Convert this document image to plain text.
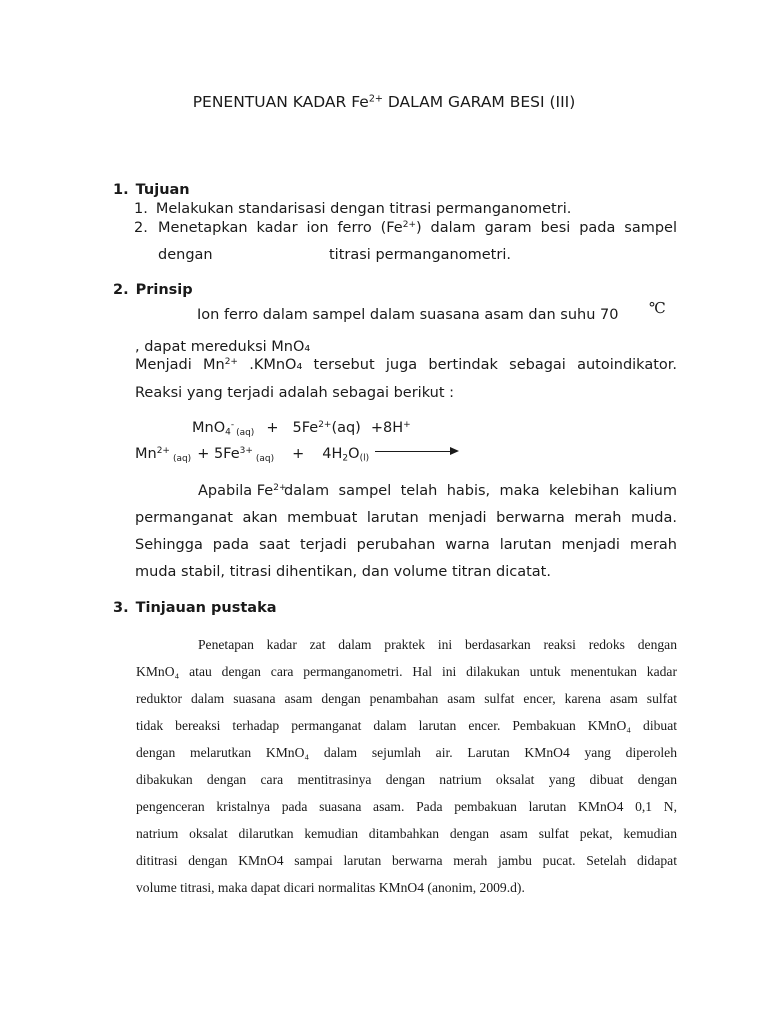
PENENTUAN KADAR $Fe^{2+}$ DALAM GARAM BESI (III)
1. Tujuan
1. Melakukan standarisasi dengan titrasi permanganometri.
2. Menetapkan kadar ion ferro $(Fe^{2+})$ dalam garam besi pada sampel
dengan	titrasi permanganometri.
2. Prinsip
Ion ferro dalam sampel dalam suasana asam dan suhu 70 ℃
, dapat mereduksi MnO₄
Menjadi $Mn^{2+}$ .KMnO₄ tersebut juga bertindak sebagai autoindikator.
Reaksi yang terjadi adalah sebagai berikut :
$MnO_4^-_{(aq)} + 5Fe^{2+}(aq) +8H^+$
$Mn^{2+}_{(aq)} + 5Fe^{3+}_{(aq)} + 4H_2O_{(l)}$
Apabila $Fe^{2+}$
dalam sampel telah habis, maka kelebihan kalium
permanganat akan membuat larutan menjadi berwarna merah muda.
Sehingga pada saat terjadi perubahan warna larutan menjadi merah
muda stabil, titrasi dihentikan, dan volume titran dicatat.
3. Tinjauan pustaka
Penetapan kadar zat dalam praktek ini berdasarkan reaksi redoks dengan
KMnO₄ atau dengan cara permanganometri. Hal ini dilakukan untuk menentukan kadar
reduktor dalam suasana asam dengan penambahan asam sulfat encer, karena asam sulfat
tidak bereaksi terhadap permanganat dalam larutan encer. Pembakuan KMnO₄ dibuat
dengan melarutkan KMnO₄ dalam sejumlah air. Larutan KMnO4 yang diperoleh
dibakukan dengan cara mentitrasinya dengan natrium oksalat yang dibuat dengan
pengenceran kristalnya pada suasana asam. Pada pembakuan larutan KMnO4 0,1 N,
natrium oksalat dilarutkan kemudian ditambahkan dengan asam sulfat pekat, kemudian
dititrasi dengan KMnO4 sampai larutan berwarna merah jambu pucat. Setelah didapat
volume titrasi, maka dapat dicari normalitas KMnO4 (anonim, 2009.d).
